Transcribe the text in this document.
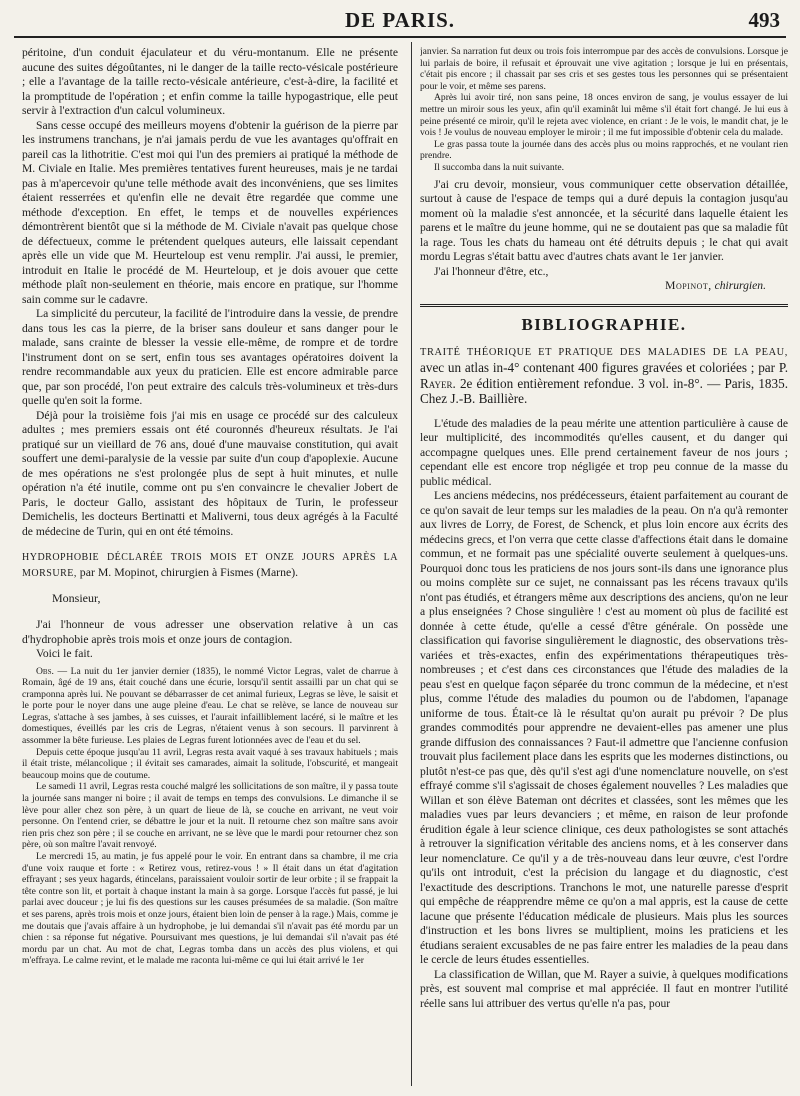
DE PARIS.	493

péritoine, d'un conduit éjaculateur et du véru-montanum. Elle ne présente aucune des suites dégoûtantes, ni le danger de la taille recto-vésicale postérieure ; elle a l'avantage de la taille recto-vésicale antérieure, c'est-à-dire, la facilité et la promptitude de l'opération ; et enfin comme la taille hypogastrique, elle peut servir à l'extraction d'un calcul volumineux.

Sans cesse occupé des meilleurs moyens d'obtenir la guérison de la pierre par les instrumens tranchans, je n'ai jamais perdu de vue les avantages qu'offrait en pareil cas la lithotritie. C'est moi qui l'un des premiers ai pratiqué la méthode de M. Civiale en Italie. Mes premières tentatives furent heureuses, mais je ne tardai pas à m'apercevoir qu'une telle méthode avait des inconvéniens, que ses limites étaient resserrées et qu'enfin elle ne devait être regardée que comme une méthode d'exception. En effet, le temps et de nouvelles expériences démontrèrent bientôt que si la méthode de M. Civiale n'avait pas quelque chose de défectueux, comme le prétendent quelques auteurs, elle laissait cependant après elle un vide que M. Heurteloup est venu remplir. J'ai aussi, le premier, introduit en Italie le procédé de M. Heurteloup, et je dois avouer que cette méthode plaît non-seulement en théorie, mais encore en pratique, sur l'homme sain comme sur le cadavre.

La simplicité du percuteur, la facilité de l'introduire dans la vessie, de prendre dans tous les cas la pierre, de la briser sans douleur et sans danger pour le malade, sans crainte de blesser la vessie elle-même, de rompre et de tordre l'instrument dont on se sert, enfin tous ses avantages opératoires doivent la rendre recommandable aux yeux du praticien. Elle est encore admirable parce que, par son procédé, l'on peut extraire des calculs très-volumineux et très-durs quelle qu'en soit la forme.

Déjà pour la troisième fois j'ai mis en usage ce procédé sur des calculeux adultes ; mes premiers essais ont été couronnés d'heureux résultats. Je l'ai pratiqué sur un vieillard de 76 ans, doué d'une mauvaise constitution, qui avait souffert une demi-paralysie de la vessie par suite d'un coup d'apoplexie. Aucune de mes opérations ne s'est prolongée plus de sept à huit minutes, et nulle opération n'a été inutile, comme ont pu s'en convaincre le chevalier Jobert de Paris, le docteur Gallo, assistant des hôpitaux de Turin, le professeur Demichelis, les docteurs Bertinatti et Maliverni, tous deux agrégés à la Faculté de médecine de Turin, qui en ont été témoins.

HYDROPHOBIE DÉCLARÉE TROIS MOIS ET ONZE JOURS APRÈS LA MORSURE, par M. Mopinot, chirurgien à Fismes (Marne).
Monsieur,

J'ai l'honneur de vous adresser une observation relative à un cas d'hydrophobie après trois mois et onze jours de contagion.

Voici le fait.

Obs. — La nuit du 1er janvier dernier (1835), le nommé Victor Legras, valet de charrue à Romain, âgé de 19 ans, était couché dans une écurie, lorsqu'il sentit assailli par un chat qui se cramponna après lui. Ne pouvant se débarrasser de cet animal furieux, Legras se lève, le saisit et le porte pour le noyer dans une auge pleine d'eau. Le chat se relève, se lance de nouveau sur Legras, s'attache à ses jambes, à ses cuisses, et l'aurait infailliblement lacéré, si le maître et les domestiques, éveillés par les cris de Legras, n'étaient venus à son secours. Il parvinrent à assommer la bête furieuse. Les plaies de Legras furent lotionnées avec de l'eau et du sel.

Depuis cette époque jusqu'au 11 avril, Legras resta avait vaqué à ses travaux habituels ; mais il était triste, mélancolique ; il évitait ses camarades, aimait la solitude, l'obscurité, et mangeait beaucoup moins que de coutume.

Le samedi 11 avril, Legras resta couché malgré les sollicitations de son maître, il y passa toute la journée sans manger ni boire ; il avait de temps en temps des convulsions. Le dimanche il se lève pour aller chez son père, à un quart de lieue de là, se couche en arrivant, ne veut voir personne. On l'entend crier, se débattre le jour et la nuit. Il retourne chez son maître sans avoir rien pris chez son père ; il se couche en arrivant, ne se lève que le mardi pour retourner chez son père, où son maître l'avait renvoyé.

Le mercredi 15, au matin, je fus appelé pour le voir. En entrant dans sa chambre, il me cria d'une voix rauque et forte : « Retirez vous, retirez-vous ! » Il était dans un état d'agitation effrayant ; ses yeux hagards, étincelans, paraissaient vouloir sortir de leur orbite ; il se frappait la tête contre son lit, et portait à chaque instant la main à sa gorge. Lorsque l'accès fut passé, je lui parlai avec douceur ; je lui fis des questions sur les causes présumées de sa maladie. (Son maître et ses parens, après trois mois et onze jours, étaient bien loin de penser à la rage.) Mais, comme je me doutais que j'avais affaire à un hydrophobe, je lui demandai s'il n'avait pas été mordu par un chien : sa réponse fut négative. Poursuivant mes questions, je lui demandai s'il n'avait pas été mordu par un chat. Au mot de chat, Legras tomba dans un accès des plus violens, et qui m'effraya. Le calme revint, et le malade me raconta lui-même ce qui lui était arrivé le 1er

janvier. Sa narration fut deux ou trois fois interrompue par des accès de convulsions. Lorsque je lui parlais de boire, il refusait et éprouvait une vive agitation ; lorsque je lui en présentais, c'était pis encore ; il chassait par ses cris et ses gestes tous les personnes qui se présentaient pour le voir, et même ses parens.

Après lui avoir tiré, non sans peine, 18 onces environ de sang, je voulus essayer de lui mettre un miroir sous les yeux, afin qu'il examinât lui même s'il était fort changé. Je lui eus à peine présenté ce miroir, qu'il le rejeta avec violence, en criant : Je le vois, le mandit chat, je le vois ! Je voulus de nouveau employer le miroir ; il me fut impossible d'obtenir cela du malade.

Le gras passa toute la journée dans des accès plus ou moins rapprochés, et ne voulant rien prendre.

Il succomba dans la nuit suivante.

J'ai cru devoir, monsieur, vous communiquer cette observation détaillée, surtout à cause de l'espace de temps qui a duré depuis la contagion jusqu'au moment où la maladie s'est annoncée, et la sécurité dans laquelle étaient les parens et le maître du jeune homme, qui ne se doutaient pas que sa maladie fût la rage. Tous les chats du hameau ont été détruits depuis ; le chat qui avait mordu Legras s'était battu avec d'autres chats avant le 1er janvier.

J'ai l'honneur d'être, etc.,

Mopinot, chirurgien.
BIBLIOGRAPHIE.
TRAITÉ THÉORIQUE ET PRATIQUE DES MALADIES DE LA PEAU, avec un atlas in-4° contenant 400 figures gravées et coloriées ; par P. Rayer. 2e édition entièrement refondue. 3 vol. in-8°. — Paris, 1835. Chez J.-B. Baillière.

L'étude des maladies de la peau mérite une attention particulière à cause de leur multiplicité, des incommodités qu'elles causent, et du danger qui accompagne quelques unes. Elle prend certainement faveur de nos jours ; cependant elle est encore trop négligée et trop peu connue de la masse du public médical.

Les anciens médecins, nos prédécesseurs, étaient parfaitement au courant de ce qu'on savait de leur temps sur les maladies de la peau. On n'a qu'à remonter aux livres de Lorry, de Forest, de Schenck, et plus loin encore aux écrits des médecins grecs, et l'on verra que cette classe d'affections était dans le domaine commun, et ne formait pas une spécialité ouverte seulement à quelques-uns. Pourquoi donc tous les praticiens de nos jours sont-ils dans une ignorance plus ou moins complète sur ce sujet, ne connaissant pas les récens travaux qu'ils n'ont pas étudiés, et étrangers même aux descriptions des anciens, qu'on ne leur a plus enseignées ? Chose singulière ! c'est au moment où plus de facilité est donnée à cette étude, qu'elle a cessé d'être générale. On possède une classification qui favorise singulièrement le diagnostic, des observations très-variées et très-exactes, enfin des expérimentations thérapeutiques très-nombreuses ; et c'est dans ces circonstances que l'étude des maladies de la peau s'est en quelque façon séparée du tronc commun de la médecine, et n'est plus, comme l'étude des maladies du poumon ou de l'abdomen, l'apanage uniforme de tous. Était-ce là le résultat qu'on aurait pu prévoir ? De plus grandes commodités pour apprendre ne devaient-elles pas amener une plus grande diffusion des connaissances ? Faut-il admettre que l'ancienne confusion trouvait plus facilement place dans les esprits que les modernes distinctions, ou plutôt n'est-ce pas que, dès qu'il s'est agi d'une nomenclature nouvelle, on s'est effrayé comme s'il s'agissait de choses également nouvelles ? Les maladies que Willan et son élève Bateman ont décrites et classées, sont les mêmes que les maladies vues par leurs devanciers ; et même, en raison de leur profonde érudition égale à leur science clinique, ces deux pathologistes se sont attachés à retrouver la signification véritable des anciens noms, et à les conserver dans leur nomenclature. Ce qu'il y a de très-nouveau dans leur œuvre, c'est l'ordre qu'ils ont introduit, c'est la précision du langage et du diagnostic, c'est l'exactitude des descriptions. Tranchons le mot, une naturelle paresse d'esprit qui empêche de réapprendre même ce qu'on a mal appris, est la cause de cette lacune que présente l'éducation médicale de plusieurs. Mais plus les sources d'instruction et les bons livres se multiplient, moins les praticiens et les étudians seraient excusables de ne pas faire entrer les maladies de la peau dans le cercle de leurs études essentielles.

La classification de Willan, que M. Rayer a suivie, à quelques modifications près, est souvent mal comprise et mal appréciée. Il faut en montrer l'utilité réelle sans lui attribuer des vertus qu'elle n'a pas, pour
